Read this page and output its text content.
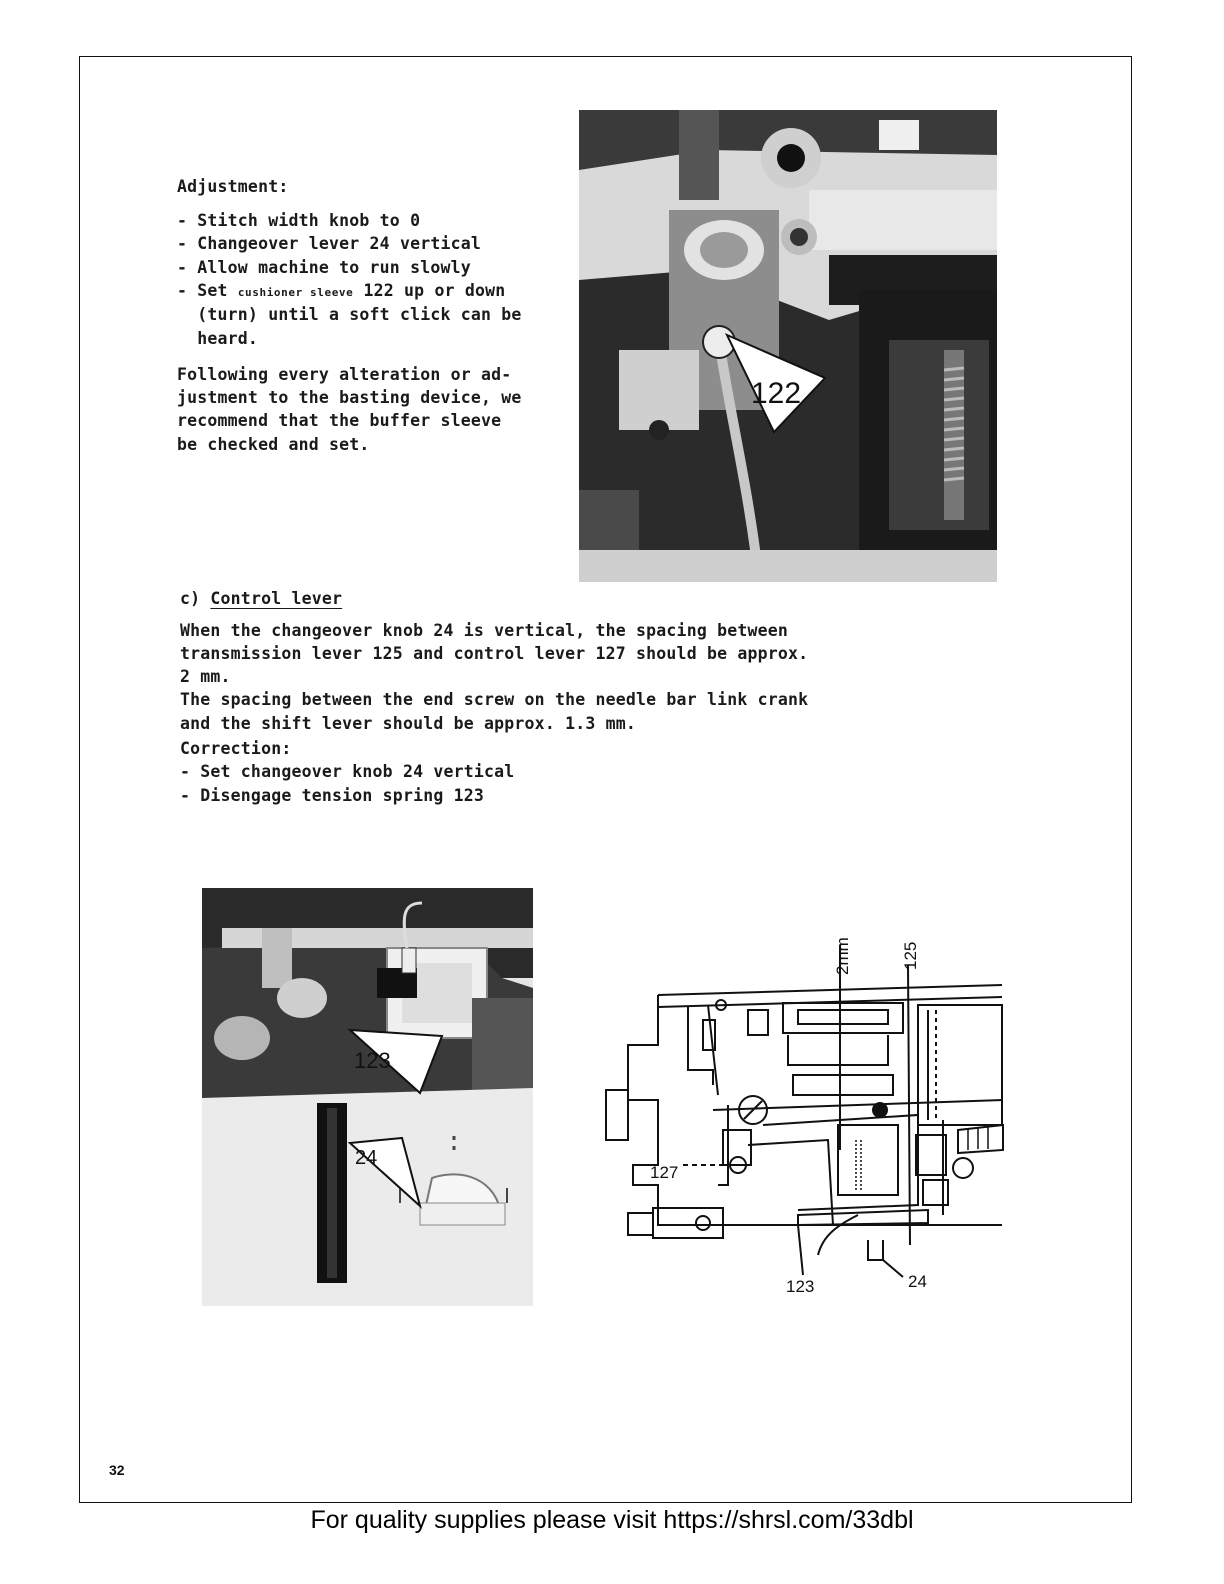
Adjustment:
- Stitch width knob to 0
- Changeover lever 24 vertical
- Allow machine to run slowly
- Set cushioner sleeve 122 up or down
(turn) until a soft click can be
heard.
Following every alteration or ad-
justment to the basting device, we
recommend that the buffer sleeve
be checked and set.
122
c) Control lever
When the changeover knob 24 is vertical, the spacing between
transmission lever 125 and control lever 127 should be approx.
2 mm.
The spacing between the end screw on the needle bar link crank
and the shift lever should be approx. 1.3 mm.
Correction:
- Set changeover knob 24 vertical
- Disengage tension spring 123
123
24
2mm	125
127
123	24
32
For quality supplies please visit https://shrsl.com/33dbl
